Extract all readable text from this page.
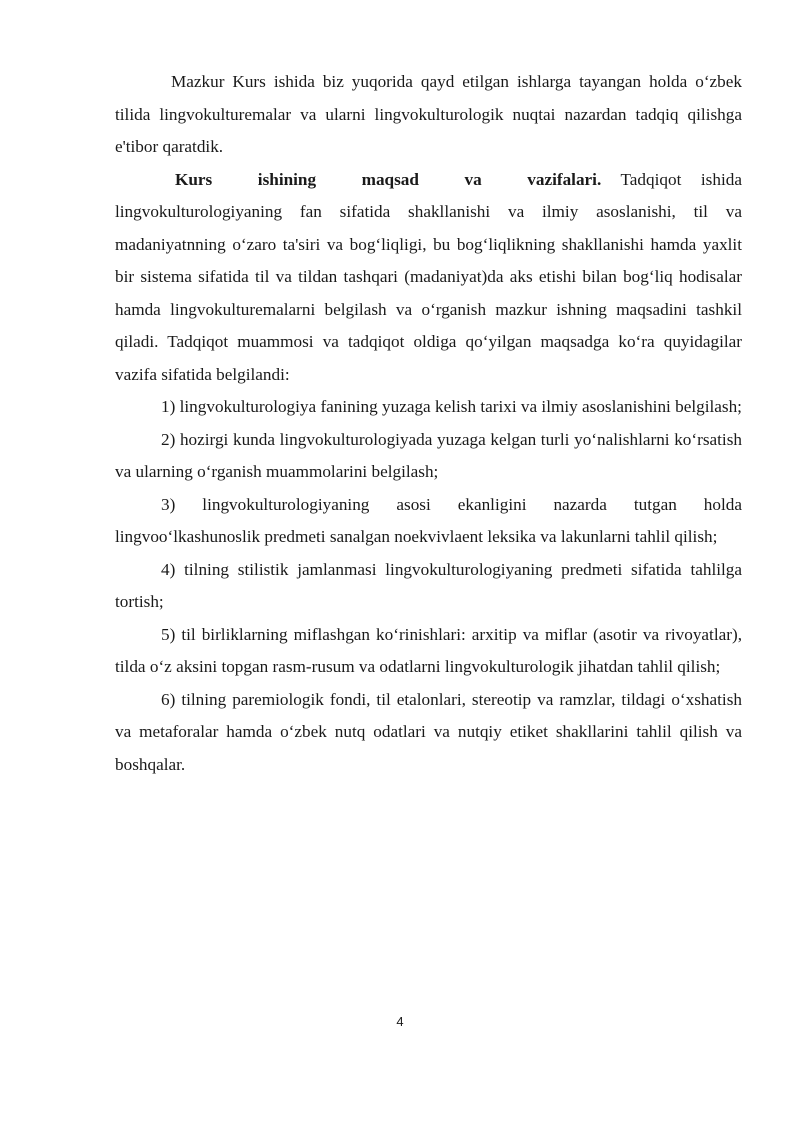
Mazkur Kurs ishida biz yuqorida qayd etilgan ishlarga tayangan holda o‘zbek tilida lingvokulturemalar va ularni lingvokulturologik nuqtai nazardan tadqiq qilishga e'tibor qaratdik.

Kurs ishining maqsad va vazifalari. Tadqiqot ishida lingvokulturologiyaning fan sifatida shakllanishi va ilmiy asoslanishi, til va madaniyatnning o‘zaro ta'siri va bog‘liqligi, bu bog‘liqlikning shakllanishi hamda yaxlit bir sistema sifatida til va tildan tashqari (madaniyat)da aks etishi bilan bog‘liq hodisalar hamda lingvokulturemalarni belgilash va o‘rganish mazkur ishning maqsadini tashkil qiladi. Tadqiqot muammosi va tadqiqot oldiga qo‘yilgan maqsadga ko‘ra quyidagilar vazifa sifatida belgilandi:

1) lingvokulturologiya fanining yuzaga kelish tarixi va ilmiy asoslanishini belgilash;

2) hozirgi kunda lingvokulturologiyada yuzaga kelgan turli yo‘nalishlarni ko‘rsatish va ularning o‘rganish muammolarini belgilash;

3) lingvokulturologiyaning asosi ekanligini nazarda tutgan holda lingvoo‘lkashunoslik predmeti sanalgan noekvivlaent leksika va lakunlarni tahlil qilish;

4) tilning stilistik jamlanmasi lingvokulturologiyaning predmeti sifatida tahlilga tortish;

5) til birliklarning miflashgan ko‘rinishlari: arxitip va miflar (asotir va rivoyatlar), tilda o‘z aksini topgan rasm-rusum va odatlarni lingvokulturologik jihatdan tahlil qilish;

6) tilning paremiologik fondi, til etalonlari, stereotip va ramzlar, tildagi o‘xshatish va metaforalar hamda o‘zbek nutq odatlari va nutqiy etiket shakllarini tahlil qilish va boshqalar.

4
